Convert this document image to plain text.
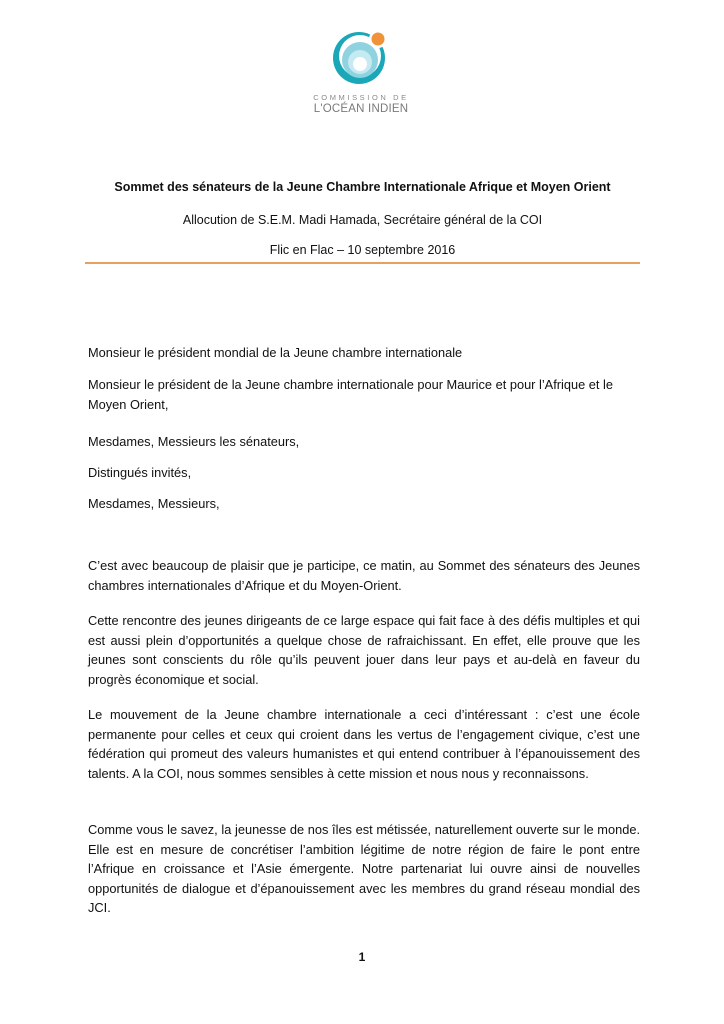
COMMISSION DE
L'OCÉAN INDIEN
Sommet des sénateurs de la Jeune Chambre Internationale Afrique et Moyen Orient
Allocution de S.E.M. Madi Hamada, Secrétaire général de la COI
Flic en Flac – 10 septembre 2016
Monsieur le président mondial de la Jeune chambre internationale
Monsieur le président de la Jeune chambre internationale pour Maurice et pour l’Afrique et le Moyen Orient,
Mesdames, Messieurs les sénateurs,
Distingués invités,
Mesdames, Messieurs,
C’est avec beaucoup de plaisir que je participe, ce matin, au Sommet des sénateurs des Jeunes chambres internationales d’Afrique et du Moyen-Orient.
Cette rencontre des jeunes dirigeants de ce large espace qui fait face à des défis multiples et qui est aussi plein d’opportunités a quelque chose de rafraichissant. En effet, elle prouve que les jeunes sont conscients du rôle qu’ils peuvent jouer dans leur pays et au-delà en faveur du progrès économique et social.
Le mouvement de la Jeune chambre internationale a ceci d’intéressant : c’est une école permanente pour celles et ceux qui croient dans les vertus de l’engagement civique, c’est une fédération qui promeut des valeurs humanistes et qui entend contribuer à l’épanouissement des talents. A la COI, nous sommes sensibles à cette mission et nous nous y reconnaissons.
Comme vous le savez, la jeunesse de nos îles est métissée, naturellement ouverte sur le monde. Elle est en mesure de concrétiser l’ambition légitime de notre région de faire le pont entre l’Afrique en croissance et l’Asie émergente. Notre partenariat lui ouvre ainsi de nouvelles opportunités de dialogue et d’épanouissement avec les membres du grand réseau mondial des JCI.
1
